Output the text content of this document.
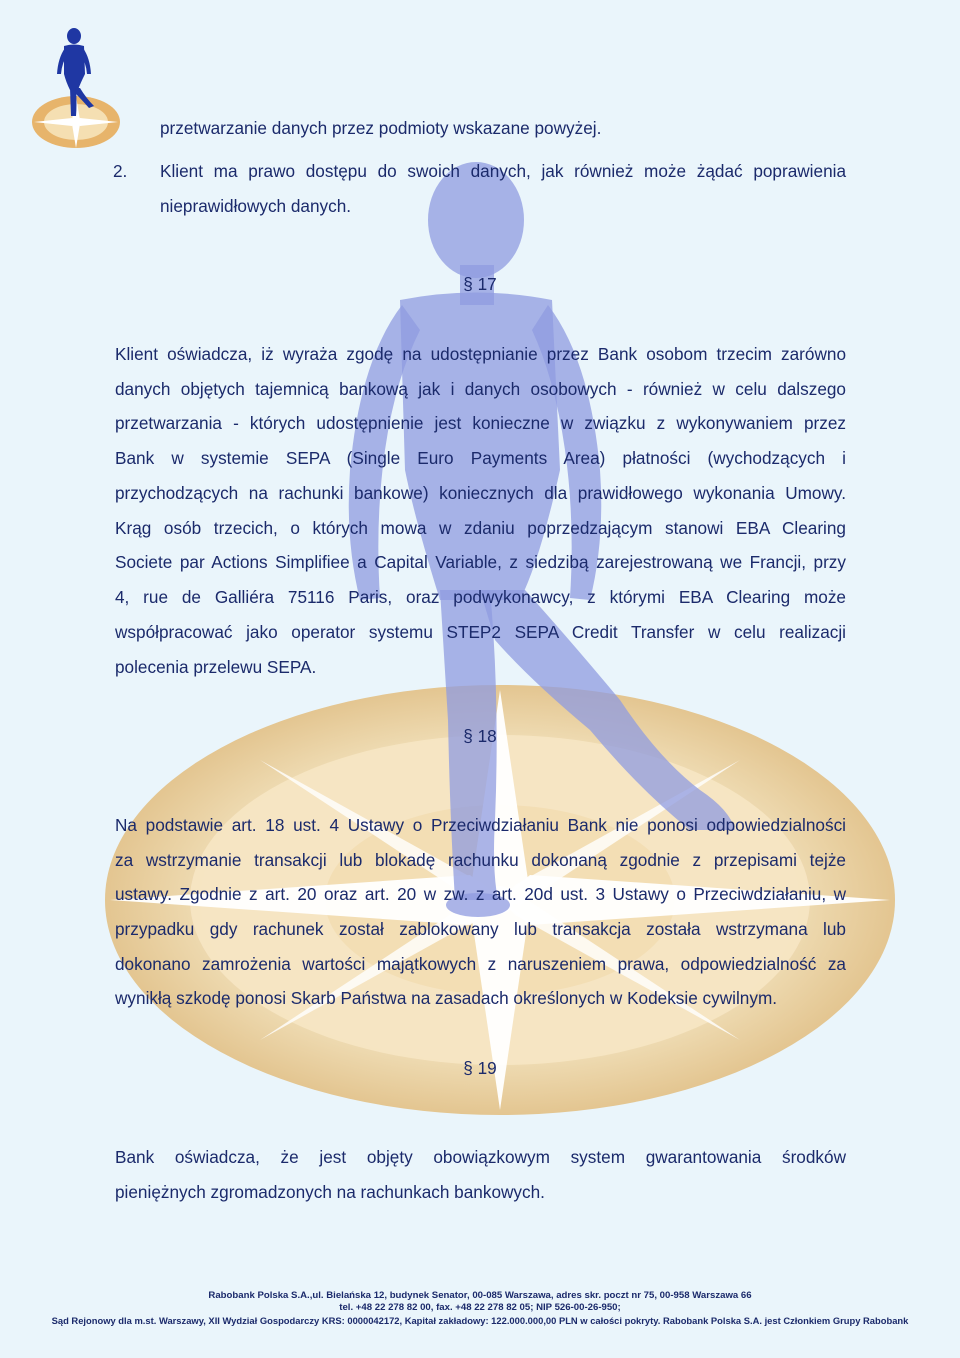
przetwarzanie danych przez podmioty wskazane powyżej.
2. Klient ma prawo dostępu do swoich danych, jak również może żądać poprawienia
nieprawidłowych danych.
§ 17
Klient oświadcza, iż wyraża zgodę na udostępnianie przez Bank osobom trzecim zarówno
danych objętych tajemnicą bankową jak i danych osobowych - również w celu dalszego
przetwarzania - których udostępnienie jest konieczne w związku z wykonywaniem przez
Bank w systemie SEPA (Single Euro Payments Area) płatności (wychodzących i
przychodzących na rachunki bankowe) koniecznych dla prawidłowego wykonania Umowy.
Krąg osób trzecich, o których mowa w zdaniu poprzedzającym stanowi EBA Clearing
Societe par Actions Simplifiee a Capital Variable, z siedzibą zarejestrowaną we Francji, przy
4, rue de Galliéra 75116 Paris, oraz podwykonawcy, z którymi EBA Clearing może
współpracować jako operator systemu STEP2 SEPA Credit Transfer w celu realizacji
polecenia przelewu SEPA.
§ 18
Na podstawie art. 18 ust. 4 Ustawy o Przeciwdziałaniu Bank nie ponosi odpowiedzialności
za wstrzymanie transakcji lub blokadę rachunku dokonaną zgodnie z przepisami tejże
ustawy. Zgodnie z art. 20 oraz art. 20 w zw. z art. 20d ust. 3 Ustawy o Przeciwdziałaniu, w
przypadku gdy rachunek został zablokowany lub transakcja została wstrzymana lub
dokonano zamrożenia wartości majątkowych z naruszeniem prawa, odpowiedzialność za
wynikłą szkodę ponosi Skarb Państwa na zasadach określonych w Kodeksie cywilnym.
§ 19
Bank oświadcza, że jest objęty obowiązkowym system gwarantowania środków
pieniężnych zgromadzonych na rachunkach bankowych.
Rabobank Polska S.A.,ul. Bielańska 12, budynek Senator, 00-085 Warszawa, adres skr. poczt nr 75, 00-958 Warszawa 66
tel. +48 22 278 82 00, fax. +48 22 278 82 05; NIP 526-00-26-950;
Sąd Rejonowy dla m.st. Warszawy, XII Wydział Gospodarczy KRS: 0000042172, Kapitał zakładowy: 122.000.000,00 PLN w całości pokryty. Rabobank Polska S.A. jest Członkiem Grupy Rabobank
